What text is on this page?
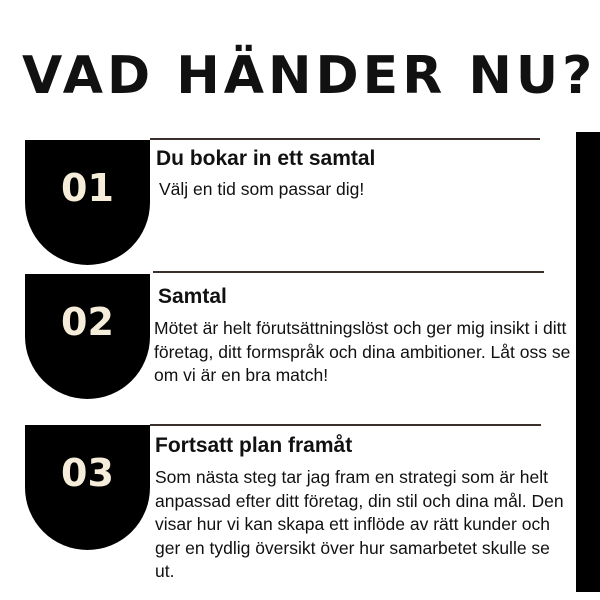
VAD HÄNDER NU?
01
Du bokar in ett samtal

Välj en tid som passar dig!

02
Samtal

Mötet är helt förutsättningslöst och ger mig insikt i ditt företag, ditt formspråk och dina ambitioner. Låt oss se om vi är en bra match!

03
Fortsatt plan framåt

Som nästa steg tar jag fram en strategi som är helt anpassad efter ditt företag, din stil och dina mål. Den visar hur vi kan skapa ett inflöde av rätt kunder och ger en tydlig översikt över hur samarbetet skulle se ut.
